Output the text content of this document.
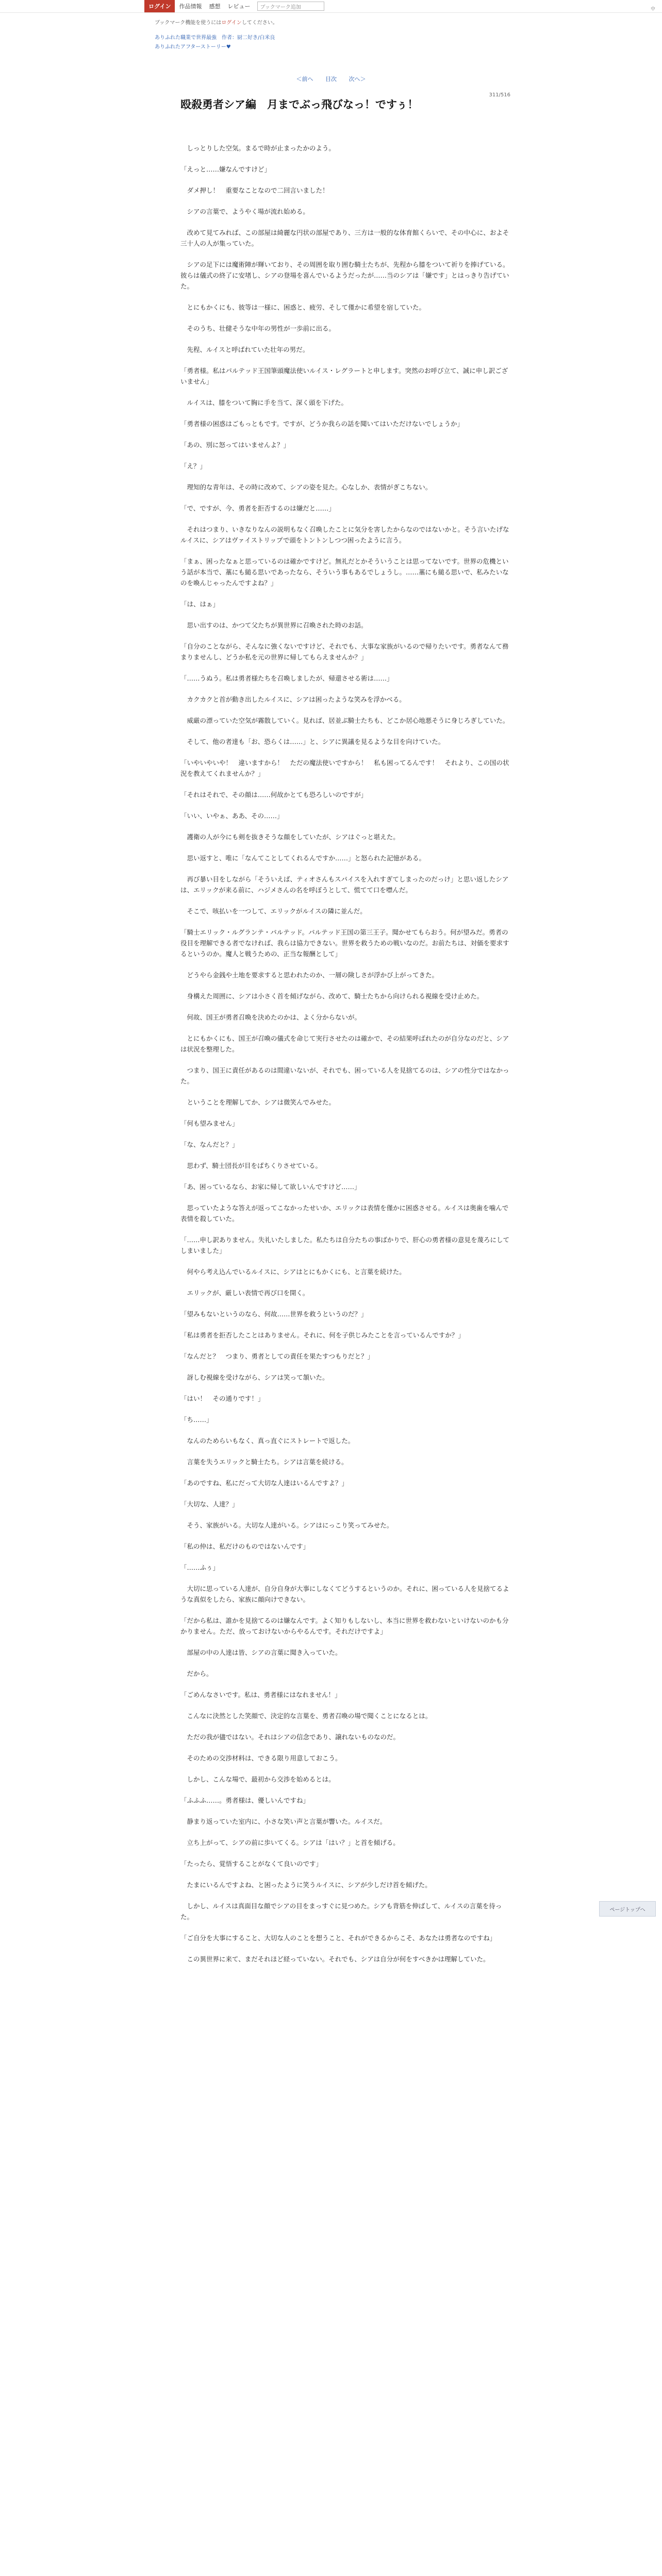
ログイン	作品情報 感想 レビュー	ブックマーク追加	中
ブックマーク機能を使うにはログインしてください。
ありふれた職業で世界最強　作者：厨二好き/白米良
ありふれたアフターストーリー♥
＜前へ 目次 次へ＞
311/516
殴殺勇者シア編　月までぶっ飛びなっ！ですぅ！

　しっとりした空気。まるで時が止まったかのよう。

「えっと……嫌なんですけど」

　ダメ押し！　重要なことなので二回言いました！

　シアの言葉で、ようやく場が流れ始める。

　改めて見てみれば、この部屋は綺麗な円状の部屋であり、三方は一般的な体育館くらいで、その中心に、およそ三十人の人が集っていた。

　シアの足下には魔術陣が輝いており、その周囲を取り囲む騎士たちが、先程から膝をついて祈りを捧げている。彼らは儀式の終了に安堵し、シアの登場を喜んでいるようだったが……当のシアは「嫌です」とはっきり告げていた。

　とにもかくにも、彼等は一様に、困惑と、疲労、そして僅かに希望を宿していた。

　そのうち、壮健そうな中年の男性が一歩前に出る。

　先程、ルイスと呼ばれていた壮年の男だ。

「勇者様。私はパルテッド王国筆頭魔法使いルイス・レグラートと申します。突然のお呼び立て、誠に申し訳ございません」

　ルイスは、膝をついて胸に手を当て、深く頭を下げた。

「勇者様の困惑はごもっともです。ですが、どうか我らの話を聞いてはいただけないでしょうか」

「あの、別に怒ってはいませんよ？」

「え？」

　理知的な青年は、その時に改めて、シアの姿を見た。心なしか、表情がぎこちない。

「で、ですが、今、勇者を拒否するのは嫌だと……」

　それはつまり、いきなりなんの説明もなく召喚したことに気分を害したからなのではないかと。そう言いたげなルイスに、シアはヴァイストリップで頭をトントンしつつ困ったように言う。

「まぁ、困ったなぁと思っているのは確かですけど。無礼だとかそういうことは思ってないです。世界の危機という話が本当で、藁にも縋る思いであったなら、そういう事もあるでしょうし。……藁にも縋る思いで、私みたいなのを喚んじゃったんですよね？」

「は、はぁ」

　思い出すのは、かつて父たちが異世界に召喚された時のお話。

「自分のことながら、そんなに強くないですけど、それでも、大事な家族がいるので帰りたいです。勇者なんて務まりませんし、どうか私を元の世界に帰してもらえませんか？」

「……うぬう。私は勇者様たちを召喚しましたが、帰還させる術は……」

　カクカクと首が動き出したルイスに、シアは困ったような笑みを浮かべる。

　威厳の漂っていた空気が霧散していく。見れば、居並ぶ騎士たちも、どこか居心地悪そうに身じろぎしていた。

　そして、他の者達も「お、恐らくは……」と、シアに異議を見るような目を向けていた。

「いやいやいや！　違いますから！　ただの魔法使いですから！　私も困ってるんです！　それより、この国の状況を教えてくれませんか？」

「それはそれで、その顔は……何故かとても恐ろしいのですが」

「いい、いやぁ、ああ、その……」

　護衛の人が今にも剣を抜きそうな顔をしていたが、シアはぐっと堪えた。

　思い返すと、唯に「なんてことしてくれるんですか……」と怒られた記憶がある。

　再び暴い目をしながら「そういえば、ティオさんもスパイスを入れすぎてしまったのだっけ」と思い返したシアは、エリックが来る前に、ハジメさんの名を呼ぼうとして、慌てて口を噤んだ。

　そこで、咳払いを一つして、エリックがルイスの隣に並んだ。

「騎士エリック・ルグランテ・パルテッド。パルテッド王国の第三王子。聞かせてもらおう。何が望みだ。勇者の役目を理解できる者でなければ、我らは協力できない。世界を救うための戦いなのだ。お前たちは、対価を要求するというのか。魔人と戦うための、正当な報酬として」

　どうやら金銭や土地を要求すると思われたのか、一層の険しさが浮かび上がってきた。

　身構えた周囲に、シアは小さく首を傾げながら、改めて、騎士たちから向けられる視線を受け止めた。

　何故、国王が勇者召喚を決めたのかは、よく分からないが。

　とにもかくにも、国王が召喚の儀式を命じて実行させたのは確かで、その結果呼ばれたのが自分なのだと、シアは状況を整理した。

　つまり、国王に責任があるのは間違いないが、それでも、困っている人を見捨てるのは、シアの性分ではなかった。

　ということを理解してか、シアは微笑んでみせた。

「何も望みません」

「な、なんだと？」

　思わず、騎士団長が目をぱちくりさせている。

「あ、困っているなら、お家に帰して欲しいんですけど……」

　思っていたような答えが返ってこなかったせいか、エリックは表情を僅かに困惑させる。ルイスは奥歯を噛んで表情を殺していた。

「……申し訳ありません。失礼いたしました。私たちは自分たちの事ばかりで、肝心の勇者様の意見を蔑ろにしてしまいました」

　何やら考え込んでいるルイスに、シアはとにもかくにも、と言葉を続けた。

　エリックが、厳しい表情で再び口を開く。

「望みもないというのなら、何故……世界を救うというのだ？」

「私は勇者を拒否したことはありません。それに、何を子供じみたことを言っているんですか？」

「なんだと？　つまり、勇者としての責任を果たすつもりだと？」

　訝しむ視線を受けながら、シアは笑って頷いた。

「はい！　その通りです！」

「ち……」

　なんのためらいもなく、真っ直ぐにストレートで返した。

　言葉を失うエリックと騎士たち。シアは言葉を続ける。

「あのですね、私にだって大切な人達はいるんですよ？」

「大切な、人達？」

　そう、家族がいる。大切な人達がいる。シアはにっこり笑ってみせた。

「私の仲は、私だけのものではないんです」

「……ふぅ」

　大切に思っている人達が、自分自身が大事にしなくてどうするというのか。それに、困っている人を見捨てるような真似をしたら、家族に顔向けできない。

「だから私は、誰かを見捨てるのは嫌なんです。よく知りもしないし、本当に世界を救わないといけないのかも分かりません。ただ、放っておけないからやるんです。それだけですよ」

　部屋の中の人達は皆、シアの言葉に聞き入っていた。

　だから。

「ごめんなさいです。私は、勇者様にはなれません！」

　こんなに決然とした笑顔で、決定的な言葉を、勇者召喚の場で聞くことになるとは。

　ただの我が儘ではない。それはシアの信念であり、譲れないものなのだ。

　そのための交渉材料は、できる限り用意しておこう。

　しかし、こんな場で、最初から交渉を始めるとは。

「ふふふ……。勇者様は、優しいんですね」

　静まり返っていた室内に、小さな笑い声と言葉が響いた。ルイスだ。

　立ち上がって、シアの前に歩いてくる。シアは「はい？」と首を傾げる。

「たったら、覚悟することがなくて良いのです」

　たまにいるんですよね、と困ったように笑うルイスに、シアが少しだけ首を傾げた。

　しかし、ルイスは真面目な顔でシアの目をまっすぐに見つめた。シアも背筋を伸ばして、ルイスの言葉を待った。

「ご自分を大事にすること、大切な人のことを想うこと、それができるからこそ、あなたは勇者なのですね」

　この異世界に来て、まだそれほど経っていない。それでも、シアは自分が何をすべきかは理解していた。

ページトップへ
